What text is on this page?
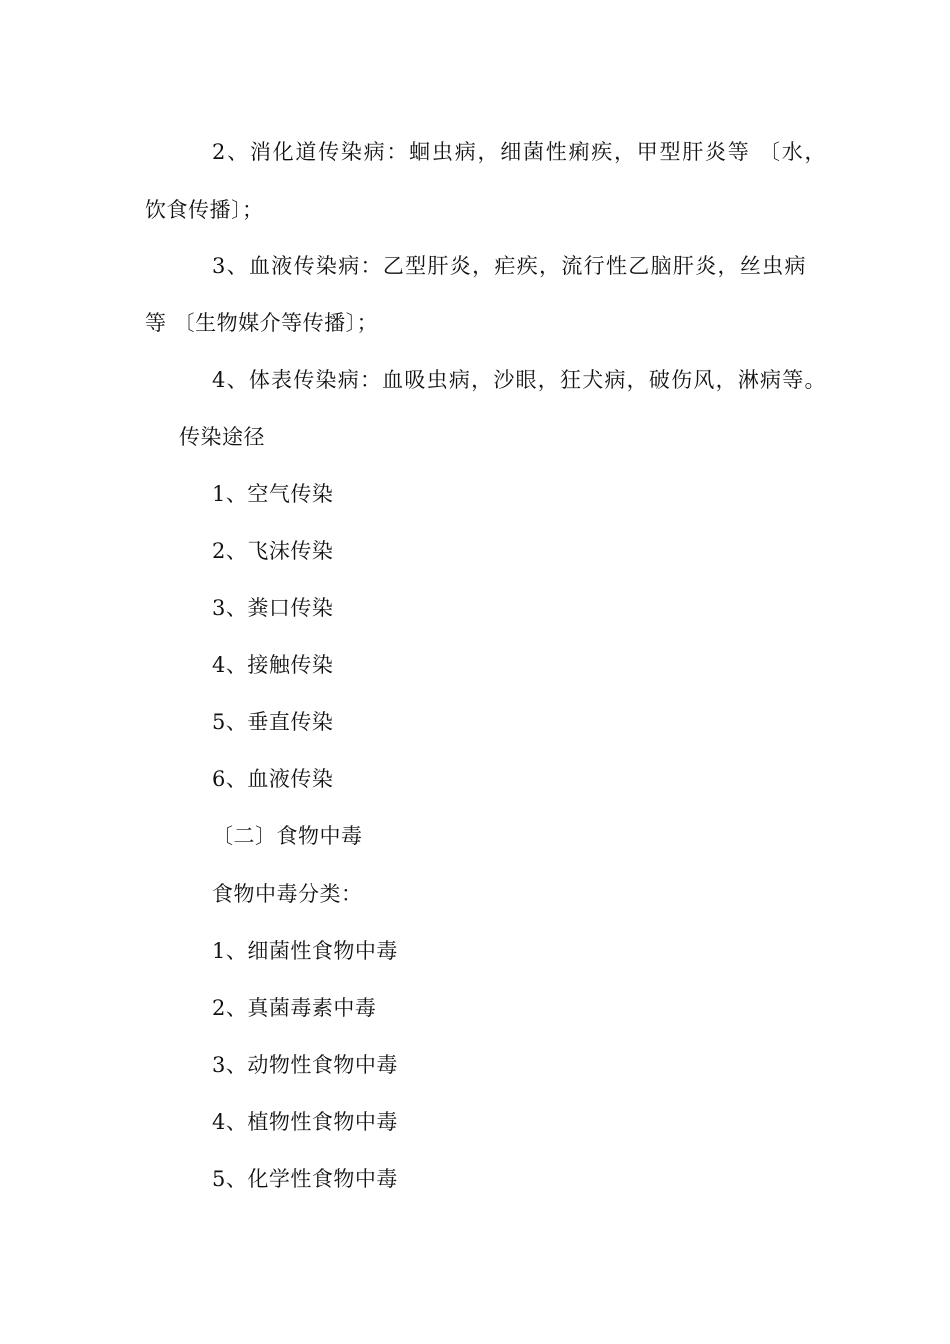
2、消化道传染病：蛔虫病，细菌性痢疾，甲型肝炎等 〔水，
饮食传播〕；
3、血液传染病：乙型肝炎，疟疾，流行性乙脑肝炎，丝虫病
等 〔生物媒介等传播〕；
4、体表传染病：血吸虫病，沙眼，狂犬病，破伤风，淋病等。
传染途径
1、空气传染
2、飞沫传染
3、粪口传染
4、接触传染
5、垂直传染
6、血液传染
〔二〕食物中毒
食物中毒分类：
1、细菌性食物中毒
2、真菌毒素中毒
3、动物性食物中毒
4、植物性食物中毒
5、化学性食物中毒
